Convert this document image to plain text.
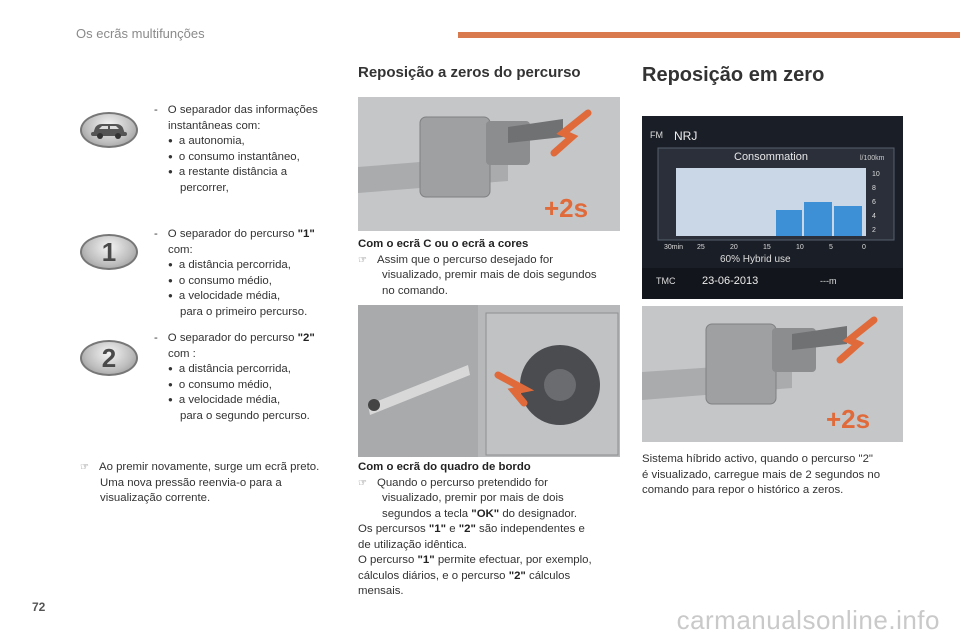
Os ecrãs multifunções
1
2

- O separador das informações

instantâneas com:

● a autonomia,

● o consumo instantâneo,

● a restante distância a

percorrer,

- O separador do percurso "1"

com:

● a distância percorrida,

● o consumo médio,

● a velocidade média,

para o primeiro percurso.

- O separador do percurso "2"

com :

● a distância percorrida,

● o consumo médio,

● a velocidade média,

para o segundo percurso.

☞ Ao premir novamente, surge um ecrã preto.

Uma nova pressão reenvia-o para a

visualização corrente.

Reposição a zeros do percurso
+2s

Com o ecrã C ou o ecrã a cores

☞ Assim que o percurso desejado for

visualizado, premir mais de dois segundos

no comando.

Com o ecrã do quadro de bordo

☞ Quando o percurso pretendido for

visualizado, premir por mais de dois

segundos a tecla "OK" do designador.

Os percursos "1" e "2" são independentes e

de utilização idêntica.

O percurso "1" permite efectuar, por exemplo,

cálculos diários, e o percurso "2" cálculos

mensais.

Reposição em zero
FM NRJ
Consommation	l/100km
10
8
6
4
2
30min 25	20	15	10	5	0
60% Hybrid use
TMC 23-06-2013	---m
+2s

Sistema híbrido activo, quando o percurso "2"

é visualizado, carregue mais de 2 segundos no

comando para repor o histórico a zeros.

72	carmanualsonline.info
